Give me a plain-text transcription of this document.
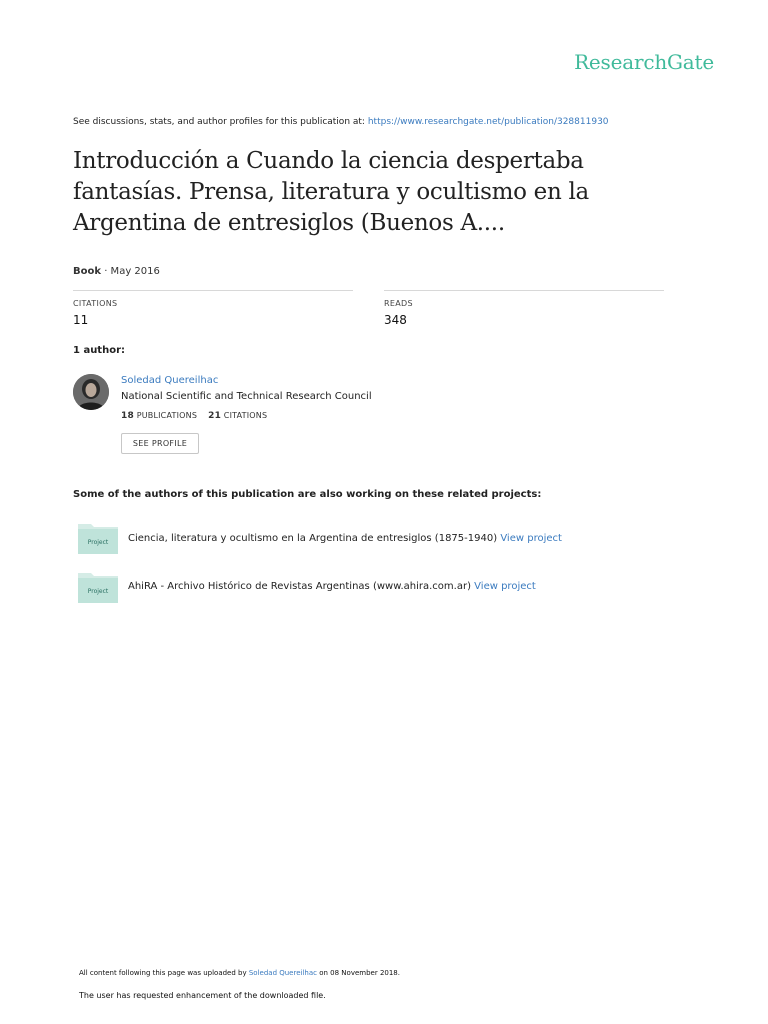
ResearchGate
See discussions, stats, and author profiles for this publication at: https://www.researchgate.net/publication/328811930
Introducción a Cuando la ciencia despertaba fantasías. Prensa, literatura y ocultismo en la Argentina de entresiglos (Buenos A....
Book · May 2016
CITATIONS
11
READS
348
1 author:
Soledad Quereilhac
National Scientific and Technical Research Council
18 PUBLICATIONS 21 CITATIONS
SEE PROFILE
Some of the authors of this publication are also working on these related projects:
Project Ciencia, literatura y ocultismo en la Argentina de entresiglos (1875-1940) View project
Project AhiRA - Archivo Histórico de Revistas Argentinas (www.ahira.com.ar) View project
All content following this page was uploaded by Soledad Quereilhac on 08 November 2018.
The user has requested enhancement of the downloaded file.
